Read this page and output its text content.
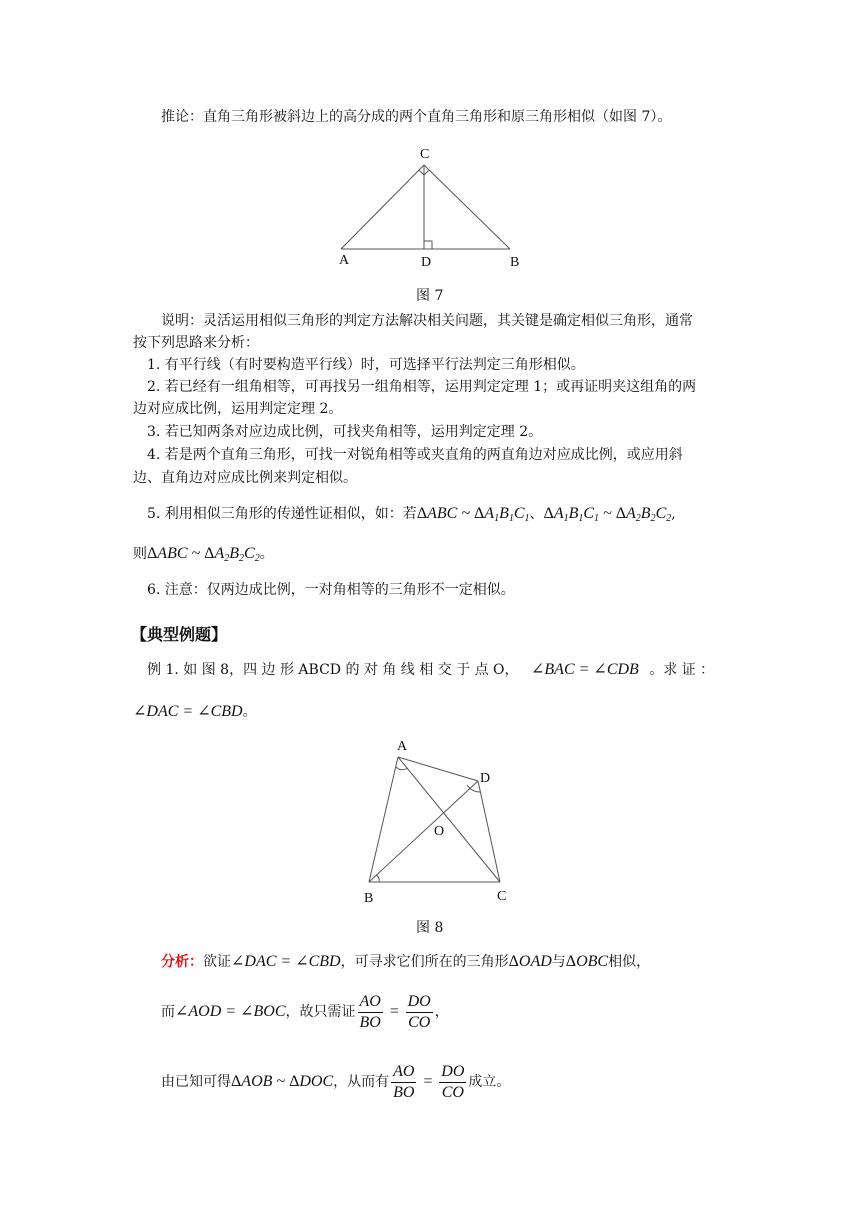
推论：直角三角形被斜边上的高分成的两个直角三角形和原三角形相似（如图 7）。
C
A	D	B
图 7
说明：灵活运用相似三角形的判定方法解决相关问题，其关键是确定相似三角形，通常
按下列思路来分析：
1. 有平行线（有时要构造平行线）时，可选择平行法判定三角形相似。
2. 若已经有一组角相等，可再找另一组角相等，运用判定定理 1；或再证明夹这组角的两
边对应成比例，运用判定定理 2。
3. 若已知两条对应边成比例，可找夹角相等，运用判定定理 2。
4. 若是两个直角三角形，可找一对锐角相等或夹直角的两直角边对应成比例，或应用斜
边、直角边对应成比例来判定相似。
5. 利用相似三角形的传递性证相似，如：若ΔABC ~ $\Delta A_1B_1C_1$、$\Delta A_1B_1C_1$ ~ $\Delta A_2B_2C_2$,
则ΔABC ~ $\Delta A_2B_2C_2$。
6. 注意：仅两边成比例，一对角相等的三角形不一定相似。
【典型例题】
例 1. 如 图 8，四 边 形 ABCD 的 对 角 线 相 交 于 点 O， ∠BAC = ∠CDB 。求 证 ：
∠DAC = ∠CBD。
A
D
O
B	C
图 8
分析：欲证∠DAC = ∠CBD，可寻求它们所在的三角形ΔOAD与ΔOBC相似，
而∠AOD = ∠BOC，故只需证 $\frac{AO}{BO} = \frac{DO}{CO}$ ，
由已知可得ΔAOB ~ ΔDOC，从而有 $\frac{AO}{BO} = \frac{DO}{CO}$ 成立。
